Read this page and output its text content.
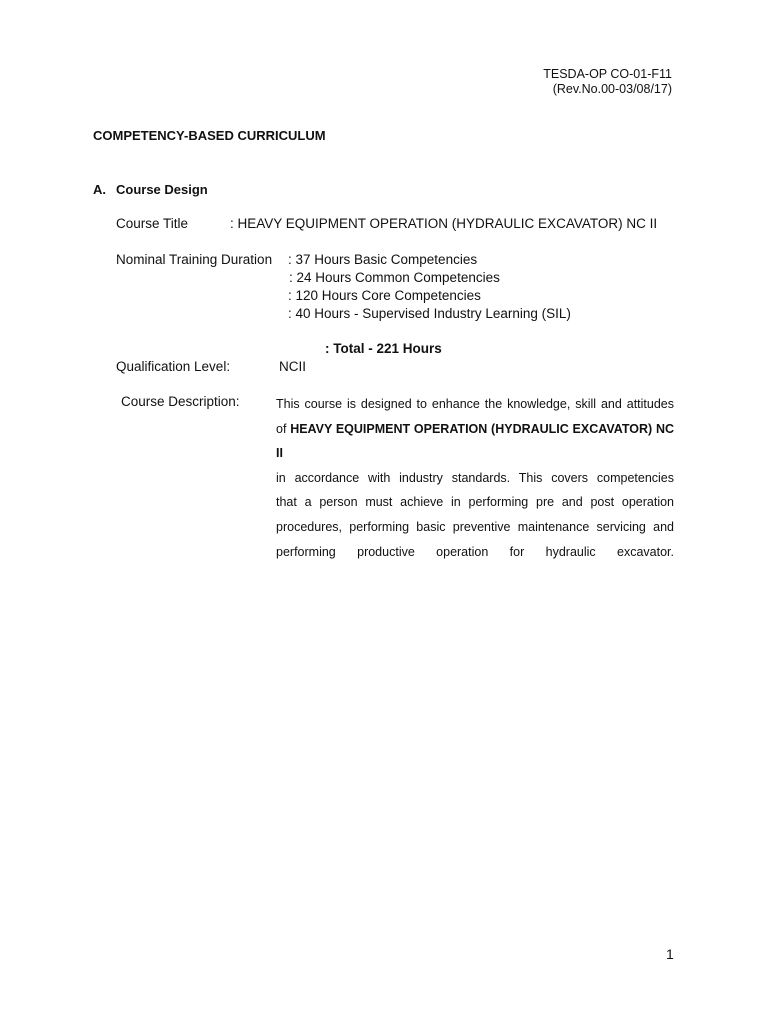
TESDA-OP CO-01-F11
(Rev.No.00-03/08/17)
COMPETENCY-BASED CURRICULUM
A. Course Design
Course Title	: HEAVY EQUIPMENT OPERATION (HYDRAULIC EXCAVATOR) NC II
Nominal Training Duration : 37 Hours Basic Competencies
: 24 Hours Common Competencies
: 120 Hours Core Competencies
: 40 Hours - Supervised Industry Learning (SIL)
: Total - 221 Hours
Qualification Level:	NCII
Course Description:	This course is designed to enhance the knowledge, skill and attitudes
of HEAVY EQUIPMENT OPERATION (HYDRAULIC EXCAVATOR) NC II
in accordance with industry standards. This covers competencies
that a person must achieve in performing pre and post operation
procedures, performing basic preventive maintenance servicing and
performing productive operation for hydraulic excavator.
1
